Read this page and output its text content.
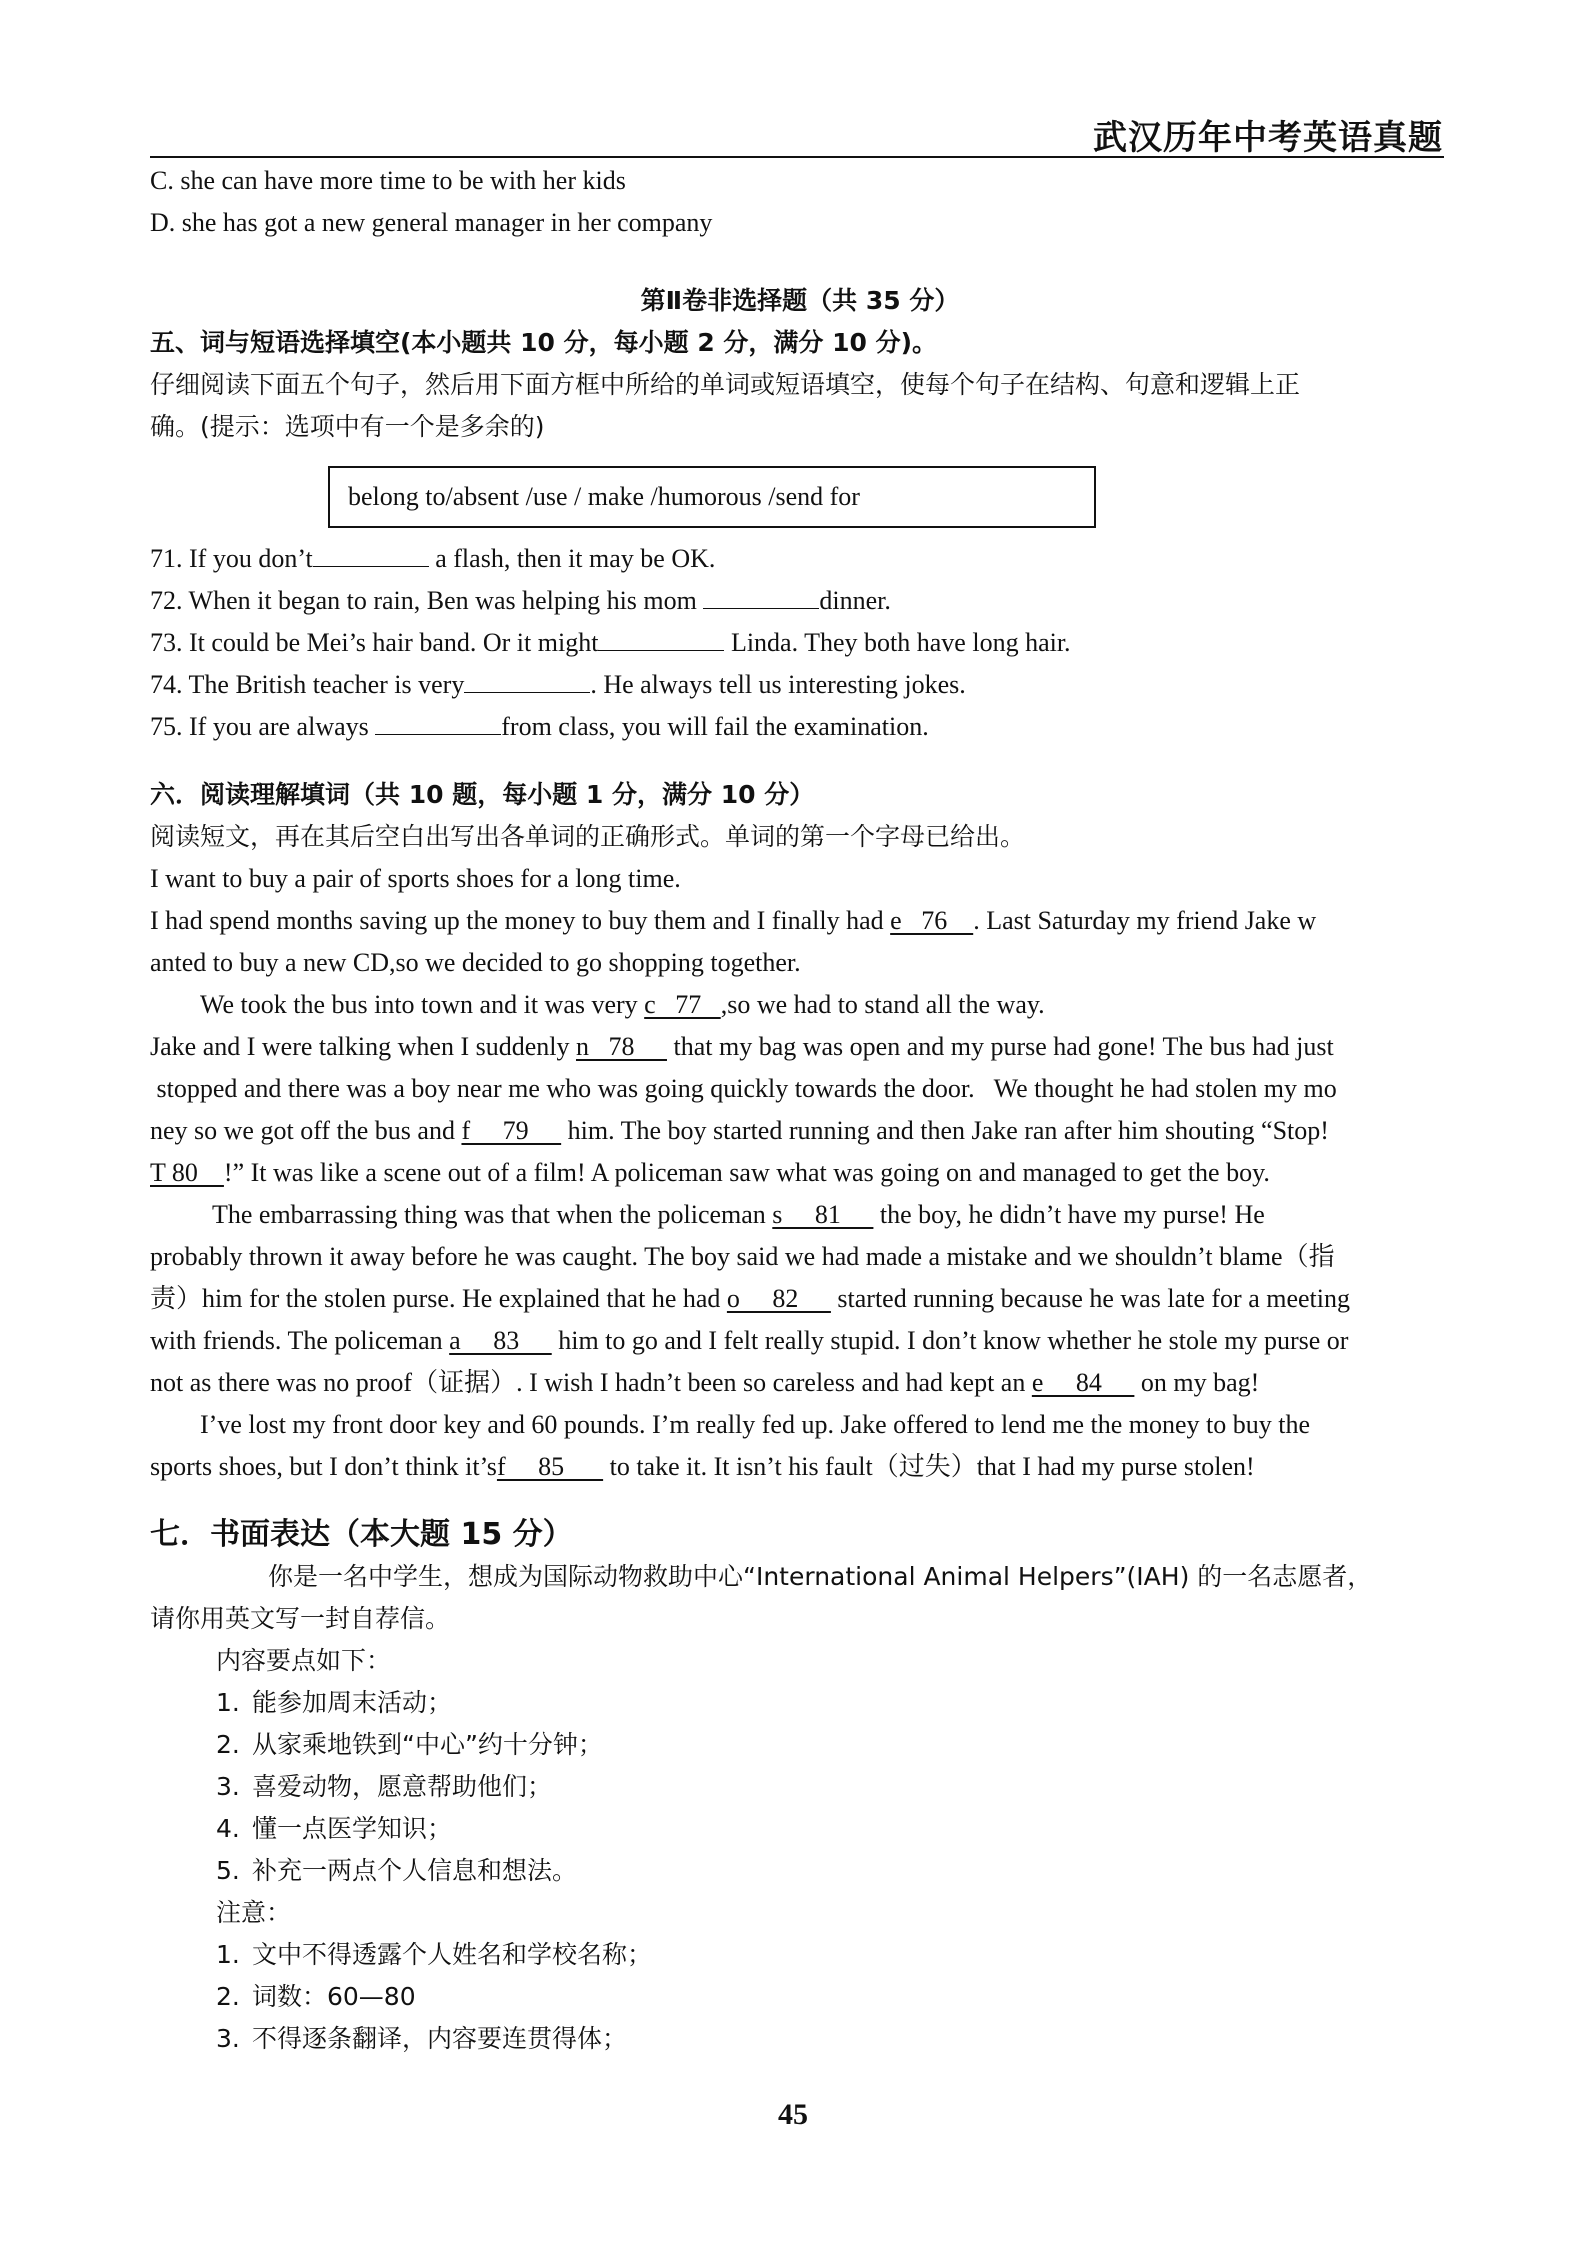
武汉历年中考英语真题

C. she can have more time to be with her kids

D. she has got a new general manager in her company

第Ⅱ卷非选择题（共 35 分）

五、词与短语选择填空(本小题共 10 分，每小题 2 分，满分 10 分)。

仔细阅读下面五个句子，然后用下面方框中所给的单词或短语填空，使每个句子在结构、句意和逻辑上正

确。(提示：选项中有一个是多余的)

belong to/absent /use / make /humorous /send for

71. If you don’t	a flash, then it may be OK.

72. When it began to rain, Ben was helping his mom	dinner.

73. It could be Mei’s hair band. Or it might	Linda. They both have long hair.

74. The British teacher is very	. He always tell us interesting jokes.

75. If you are always	from class, you will fail the examination.

六．阅读理解填词（共 10 题，每小题 1 分，满分 10 分）

阅读短文，再在其后空白出写出各单词的正确形式。单词的第一个字母已给出。

I want to buy a pair of sports shoes for a long time.

I had spend months saving up the money to buy them and I finally had e   76    . Last Saturday my friend Jake w

anted to buy a new CD,so we decided to go shopping together.

We took the bus into town and it was very c   77   ,so we had to stand all the way.

Jake and I were talking when I suddenly n   78      that my bag was open and my purse had gone! The bus had just

stopped and there was a boy near me who was going quickly towards the door.   We thought he had stolen my mo

ney so we got off the bus and f     79      him. The boy started running and then Jake ran after him shouting “Stop!

T 80    !” It was like a scene out of a film! A policeman saw what was going on and managed to get the boy.

The embarrassing thing was that when the policeman s     81      the boy, he didn’t have my purse! He

probably thrown it away before he was caught. The boy said we had made a mistake and we shouldn’t blame（指

责）him for the stolen purse. He explained that he had o     82      started running because he was late for a meeting

with friends. The policeman a     83      him to go and I felt really stupid. I don’t know whether he stole my purse or

not as there was no proof（证据）. I wish I hadn’t been so careless and had kept an e     84      on my bag!

I’ve lost my front door key and 60 pounds. I’m really fed up. Jake offered to lend me the money to buy the

sports shoes, but I don’t think it’sf     85       to take it. It isn’t his fault（过失）that I had my purse stolen!

七．书面表达（本大题 15 分）

你是一名中学生，想成为国际动物救助中心“International Animal Helpers”(IAH) 的一名志愿者，

请你用英文写一封自荐信。

内容要点如下：

1. 能参加周末活动；

2. 从家乘地铁到“中心”约十分钟；

3. 喜爱动物，愿意帮助他们；

4. 懂一点医学知识；

5. 补充一两点个人信息和想法。

注意：

1. 文中不得透露个人姓名和学校名称；

2. 词数：60—80

3. 不得逐条翻译，内容要连贯得体；

45
